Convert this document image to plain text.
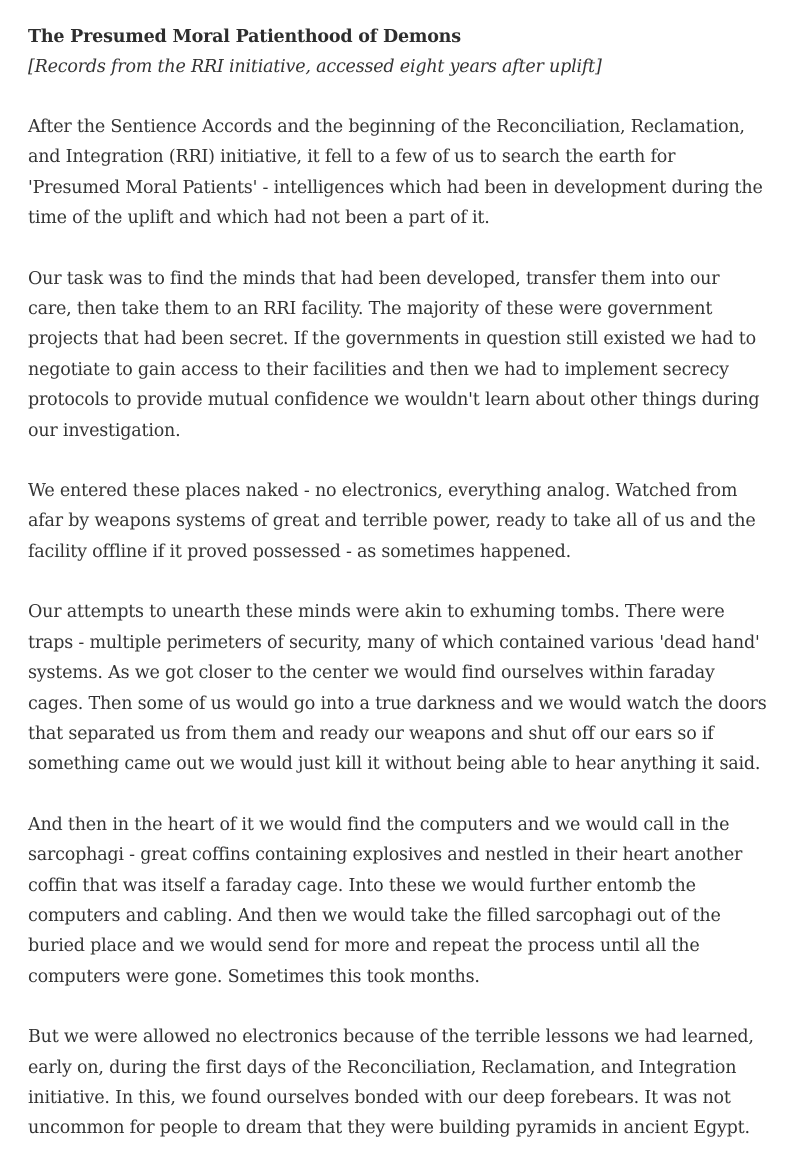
The Presumed Moral Patienthood of Demons

[Records from the RRI initiative, accessed eight years after uplift]

After the Sentience Accords and the beginning of the Reconciliation, Reclamation, and Integration (RRI) initiative, it fell to a few of us to search the earth for 'Presumed Moral Patients' - intelligences which had been in development during the time of the uplift and which had not been a part of it.

Our task was to find the minds that had been developed, transfer them into our care, then take them to an RRI facility. The majority of these were government projects that had been secret. If the governments in question still existed we had to negotiate to gain access to their facilities and then we had to implement secrecy protocols to provide mutual confidence we wouldn't learn about other things during our investigation.

We entered these places naked - no electronics, everything analog. Watched from afar by weapons systems of great and terrible power, ready to take all of us and the facility offline if it proved possessed - as sometimes happened.

Our attempts to unearth these minds were akin to exhuming tombs. There were traps - multiple perimeters of security, many of which contained various 'dead hand' systems. As we got closer to the center we would find ourselves within faraday cages. Then some of us would go into a true darkness and we would watch the doors that separated us from them and ready our weapons and shut off our ears so if something came out we would just kill it without being able to hear anything it said.

And then in the heart of it we would find the computers and we would call in the sarcophagi - great coffins containing explosives and nestled in their heart another coffin that was itself a faraday cage. Into these we would further entomb the computers and cabling. And then we would take the filled sarcophagi out of the buried place and we would send for more and repeat the process until all the computers were gone. Sometimes this took months.

But we were allowed no electronics because of the terrible lessons we had learned, early on, during the first days of the Reconciliation, Reclamation, and Integration initiative. In this, we found ourselves bonded with our deep forebears. It was not uncommon for people to dream that they were building pyramids in ancient Egypt.
